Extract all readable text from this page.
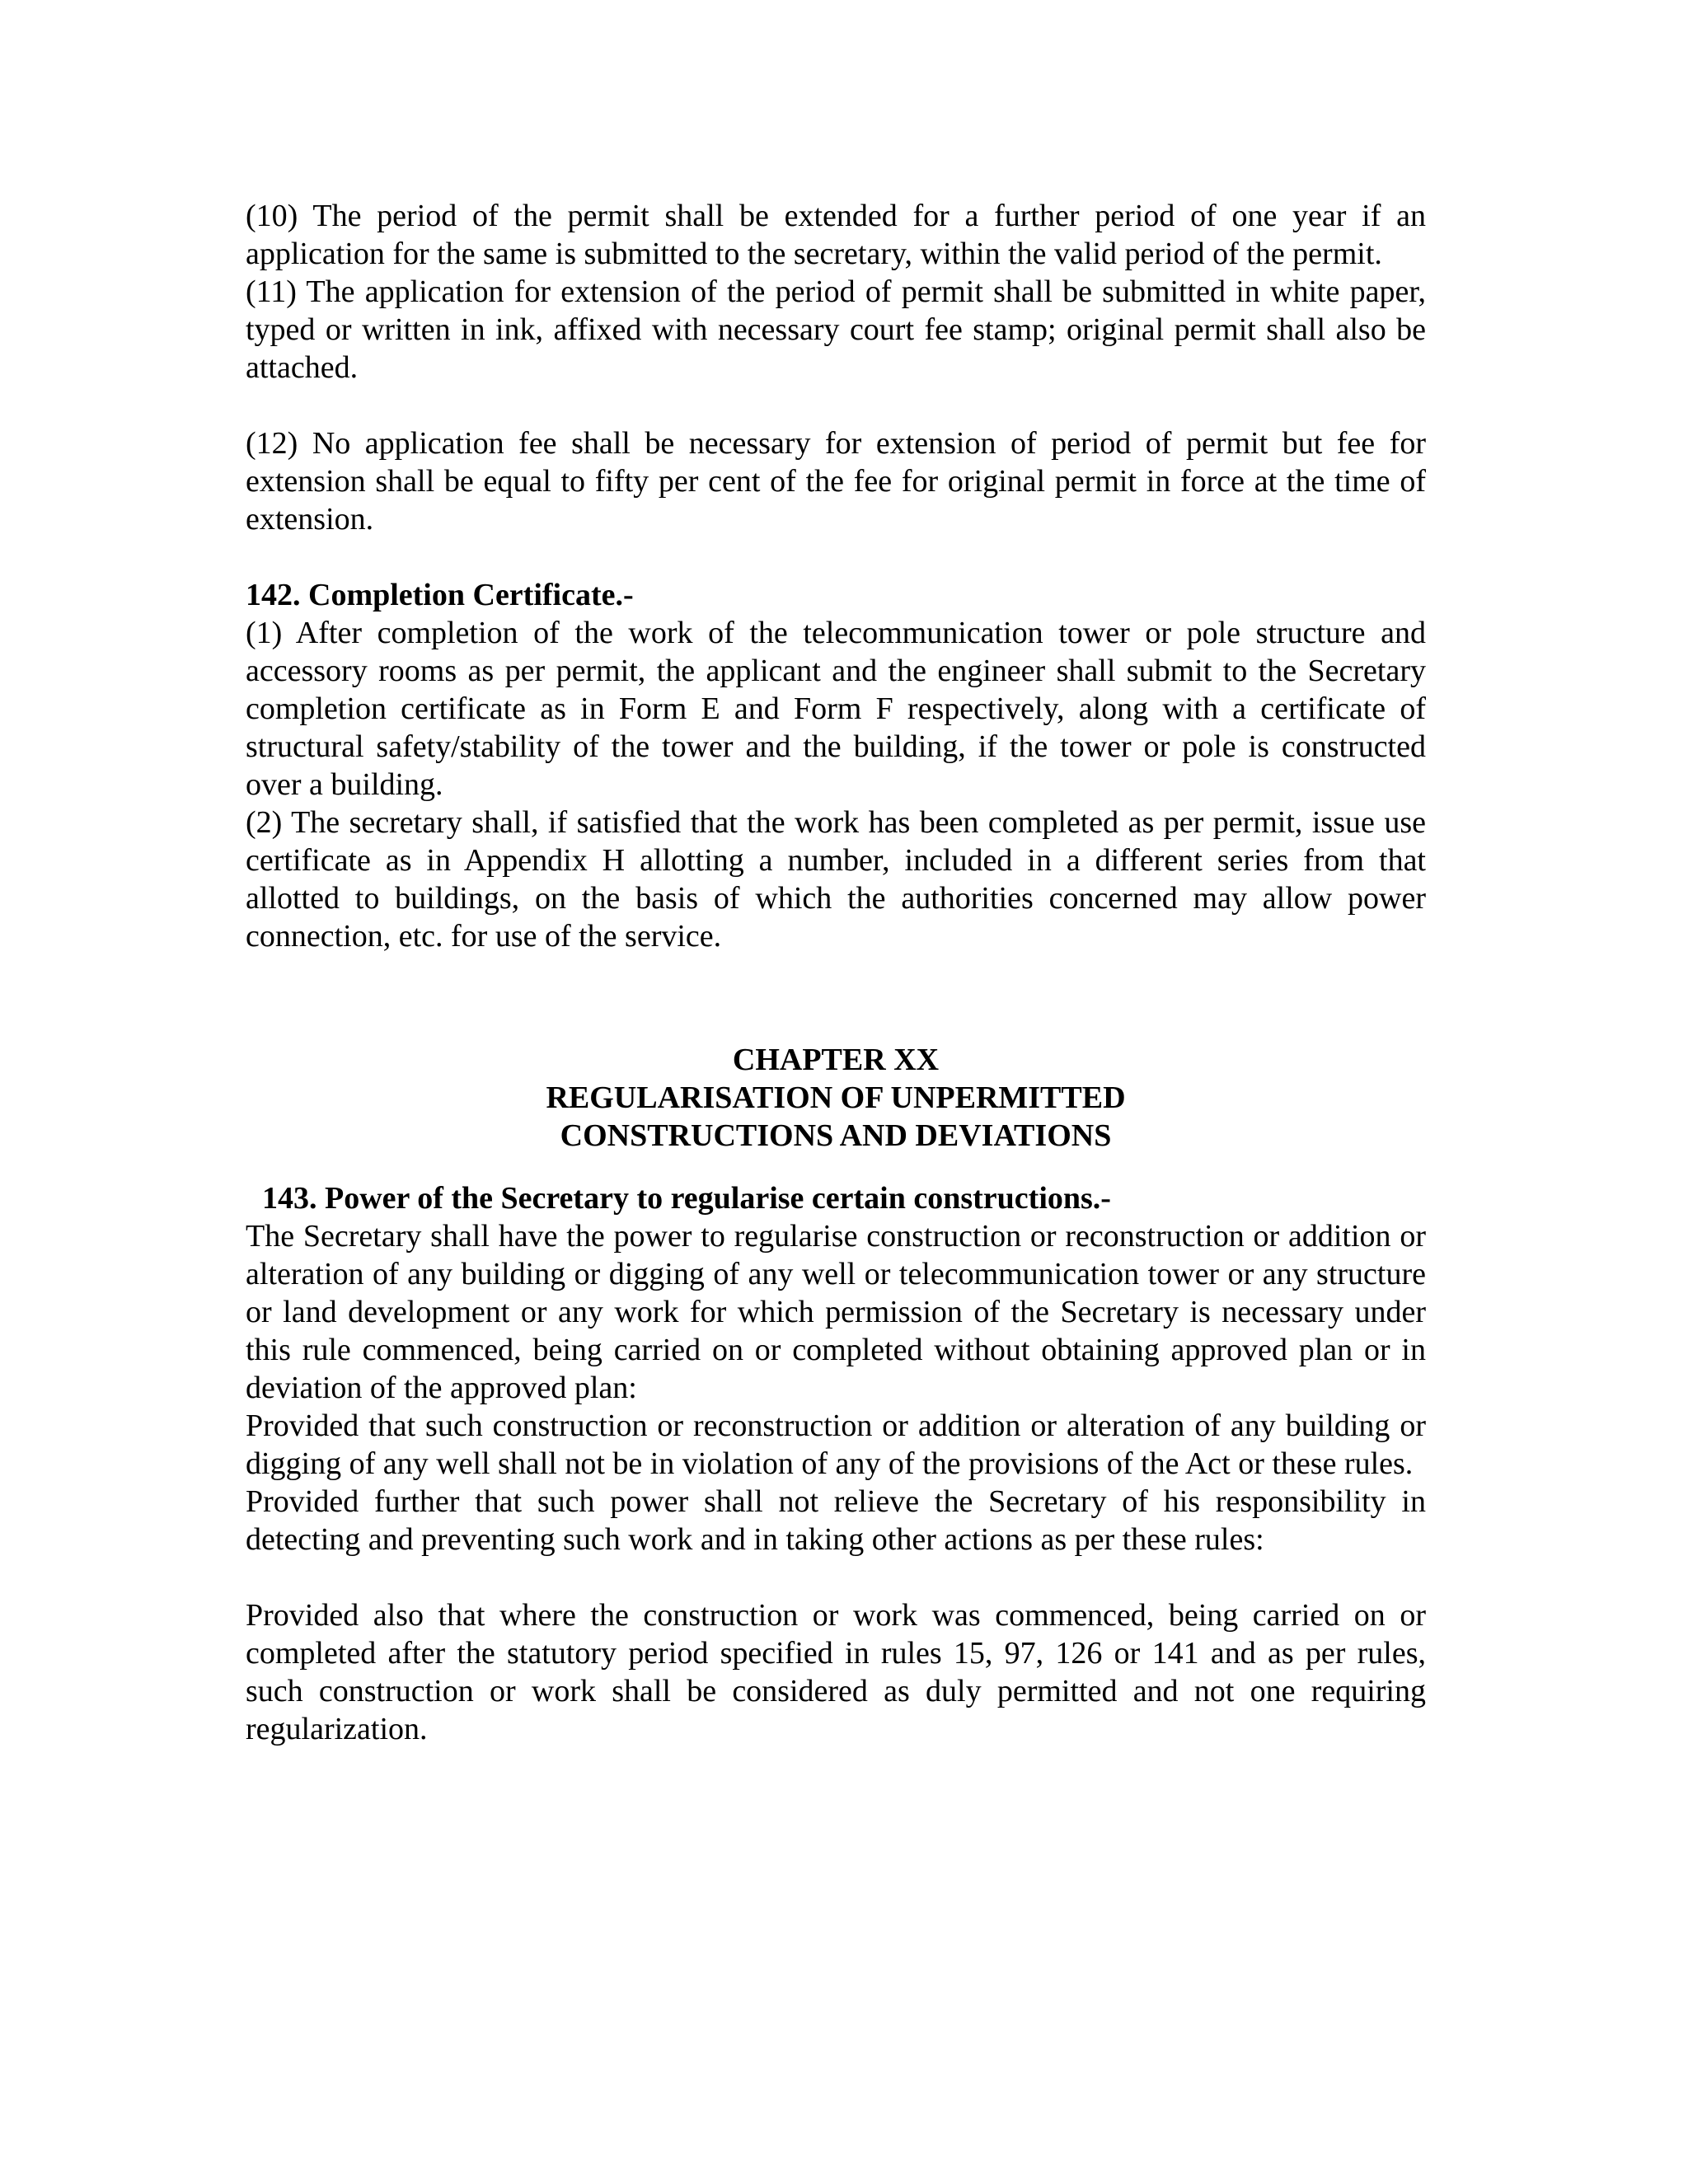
(10) The period of the permit shall be extended for a further period of one year if an application for the same is submitted to the secretary, within the valid period of the permit.

(11) The application for extension of the period of permit shall be submitted in white paper, typed or written in ink, affixed with necessary court fee stamp; original permit shall also be attached.

(12) No application fee shall be necessary for extension of period of permit but fee for extension shall be equal to fifty per cent of the fee for original permit in force at the time of extension.

142. Completion Certificate.-

(1) After completion of the work of the telecommunication tower or pole structure and accessory rooms as per permit, the applicant and the engineer shall submit to the Secretary completion certificate as in Form E and Form F respectively, along with a certificate of structural safety/stability of the tower and the building, if the tower or pole is constructed over a building.

(2) The secretary shall, if satisfied that the work has been completed as per permit, issue use certificate as in Appendix H allotting a number, included in a different series from that allotted to buildings, on the basis of which the authorities concerned may allow power connection, etc. for use of the service.

CHAPTER XX

REGULARISATION OF UNPERMITTED

CONSTRUCTIONS AND DEVIATIONS

143. Power of the Secretary to regularise certain constructions.-

The Secretary shall have the power to regularise construction or reconstruction or addition or alteration of any building or digging of any well or telecommunication tower or any structure or land development or any work for which permission of the Secretary is necessary under this rule commenced, being carried on or completed without obtaining approved plan or in deviation of the approved plan:

Provided that such construction or reconstruction or addition or alteration of any building or digging of any well shall not be in violation of any of the provisions of the Act or these rules.

Provided further that such power shall not relieve the Secretary of his responsibility in detecting and preventing such work and in taking other actions as per these rules:

Provided also that where the construction or work was commenced, being carried on or completed after the statutory period specified in rules 15, 97, 126 or 141 and as per rules, such construction or work shall be considered as duly permitted and not one requiring regularization.
